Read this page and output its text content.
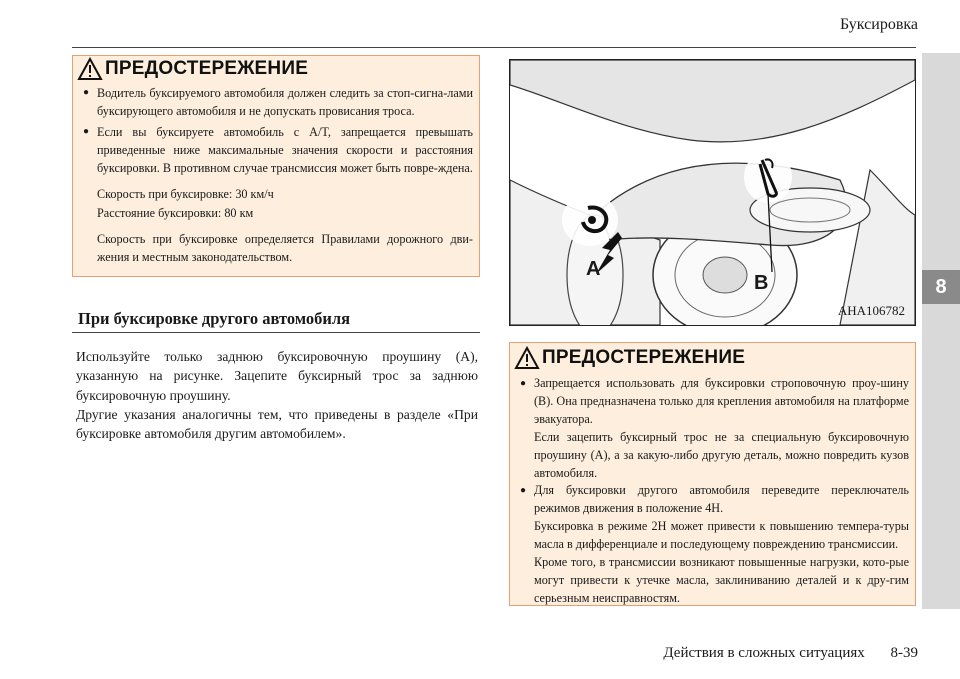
Буксировка
8
ПРЕДОСТЕРЕЖЕНИЕ
● Водитель буксируемого автомобиля должен следить за стоп-сигна-лами буксирующего автомобиля и не допускать провисания троса.
● Если вы буксируете автомобиль с A/T, запрещается превышать приведенные ниже максимальные значения скорости и расстояния буксировки. В противном случае трансмиссия может быть повре-ждена.
Скорость при буксировке: 30 км/ч
Расстояние буксировки: 80 км
Скорость при буксировке определяется Правилами дорожного дви-жения и местным законодательством.
При буксировке другого автомобиля
Используйте только заднюю буксировочную проушину (A), указанную на рисунке. Зацепите буксирный трос за заднюю буксировочную проушину.
Другие указания аналогичны тем, что приведены в разделе «При буксировке автомобиля другим автомобилем».
A
B
AHA106782
ПРЕДОСТЕРЕЖЕНИЕ
● Запрещается использовать для буксировки строповочную проу-шину (B). Она предназначена только для крепления автомобиля на платформе эвакуатора.
Если зацепить буксирный трос не за специальную буксировочную проушину (A), а за какую-либо другую деталь, можно повредить кузов автомобиля.
● Для буксировки другого автомобиля переведите переключатель режимов движения в положение 4H.
Буксировка в режиме 2H может привести к повышению темпера-туры масла в дифференциале и последующему повреждению трансмиссии.
Кроме того, в трансмиссии возникают повышенные нагрузки, кото-рые могут привести к утечке масла, заклиниванию деталей и к дру-гим серьезным неисправностям.
Действия в сложных ситуациях 8-39
